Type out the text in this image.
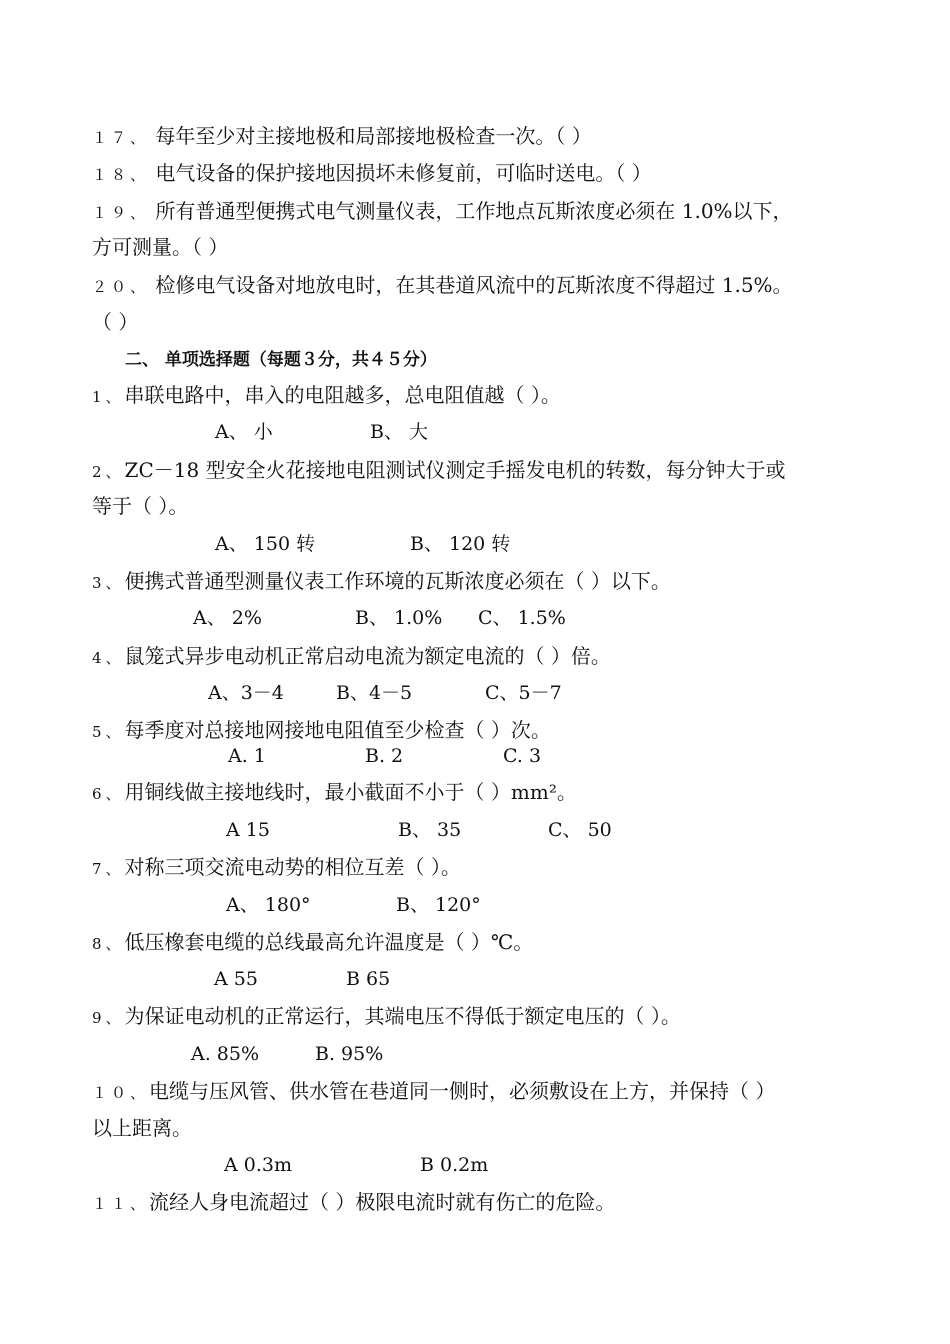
１７、 每年至少对主接地极和局部接地极检查一次。（ ）
１８、 电气设备的保护接地因损坏未修复前，可临时送电。（ ）
１９、 所有普通型便携式电气测量仪表，工作地点瓦斯浓度必须在 1.0%以下，
方可测量。（ ）
２０、 检修电气设备对地放电时，在其巷道风流中的瓦斯浓度不得超过 1.5%。
（ ）
二、 单项选择题（每题３分，共４５分）
1、串联电路中，串入的电阻越多，总电阻值越（ ）。
A、 小	B、 大
2、ZC－18 型安全火花接地电阻测试仪测定手摇发电机的转数，每分钟大于或
等于（ ）。
A、 150 转	B、 120 转
3、便携式普通型测量仪表工作环境的瓦斯浓度必须在（ ）以下。
A、 2%	B、 1.0% C、 1.5%
4、鼠笼式异步电动机正常启动电流为额定电流的（ ）倍。
A、3－4	B、4－5	C、5－7
5、每季度对总接地网接地电阻值至少检查（ ）次。
A. 1	B. 2	C. 3
6、用铜线做主接地线时，最小截面不小于（ ）mm²。
A 15	B、 35	C、 50
7、对称三项交流电动势的相位互差（ ）。
A、 180°	B、 120°
8、低压橡套电缆的总线最高允许温度是（ ）℃。
A 55	B 65
9、为保证电动机的正常运行，其端电压不得低于额定电压的（ ）。
A. 85%	B. 95%
１０、电缆与压风管、供水管在巷道同一侧时，必须敷设在上方，并保持（ ）
以上距离。
A 0.3m	B 0.2m
１１、流经人身电流超过（ ）极限电流时就有伤亡的危险。
